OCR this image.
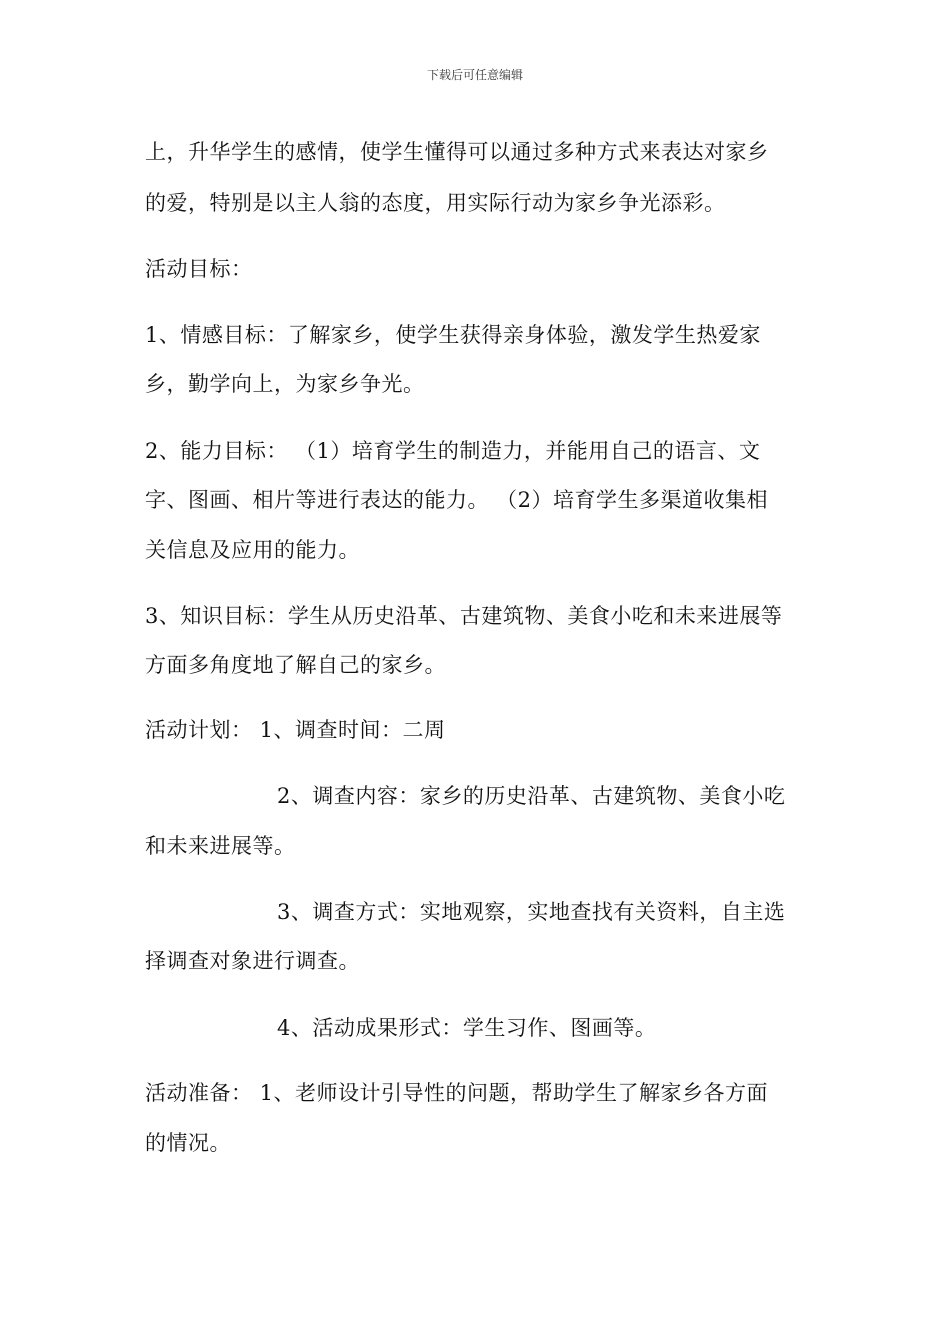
下载后可任意编辑
上，升华学生的感情，使学生懂得可以通过多种方式来表达对家乡
的爱，特别是以主人翁的态度，用实际行动为家乡争光添彩。
活动目标：
1、情感目标：了解家乡，使学生获得亲身体验，激发学生热爱家
乡，勤学向上，为家乡争光。
2、能力目标： （1）培育学生的制造力，并能用自己的语言、文
字、图画、相片等进行表达的能力。 （2）培育学生多渠道收集相
关信息及应用的能力。
3、知识目标：学生从历史沿革、古建筑物、美食小吃和未来进展等
方面多角度地了解自己的家乡。
活动计划： 1、调查时间：二周
2、调查内容：家乡的历史沿革、古建筑物、美食小吃
和未来进展等。
3、调查方式：实地观察，实地查找有关资料，自主选
择调查对象进行调查。
4、活动成果形式：学生习作、图画等。
活动准备： 1、老师设计引导性的问题，帮助学生了解家乡各方面
的情况。
